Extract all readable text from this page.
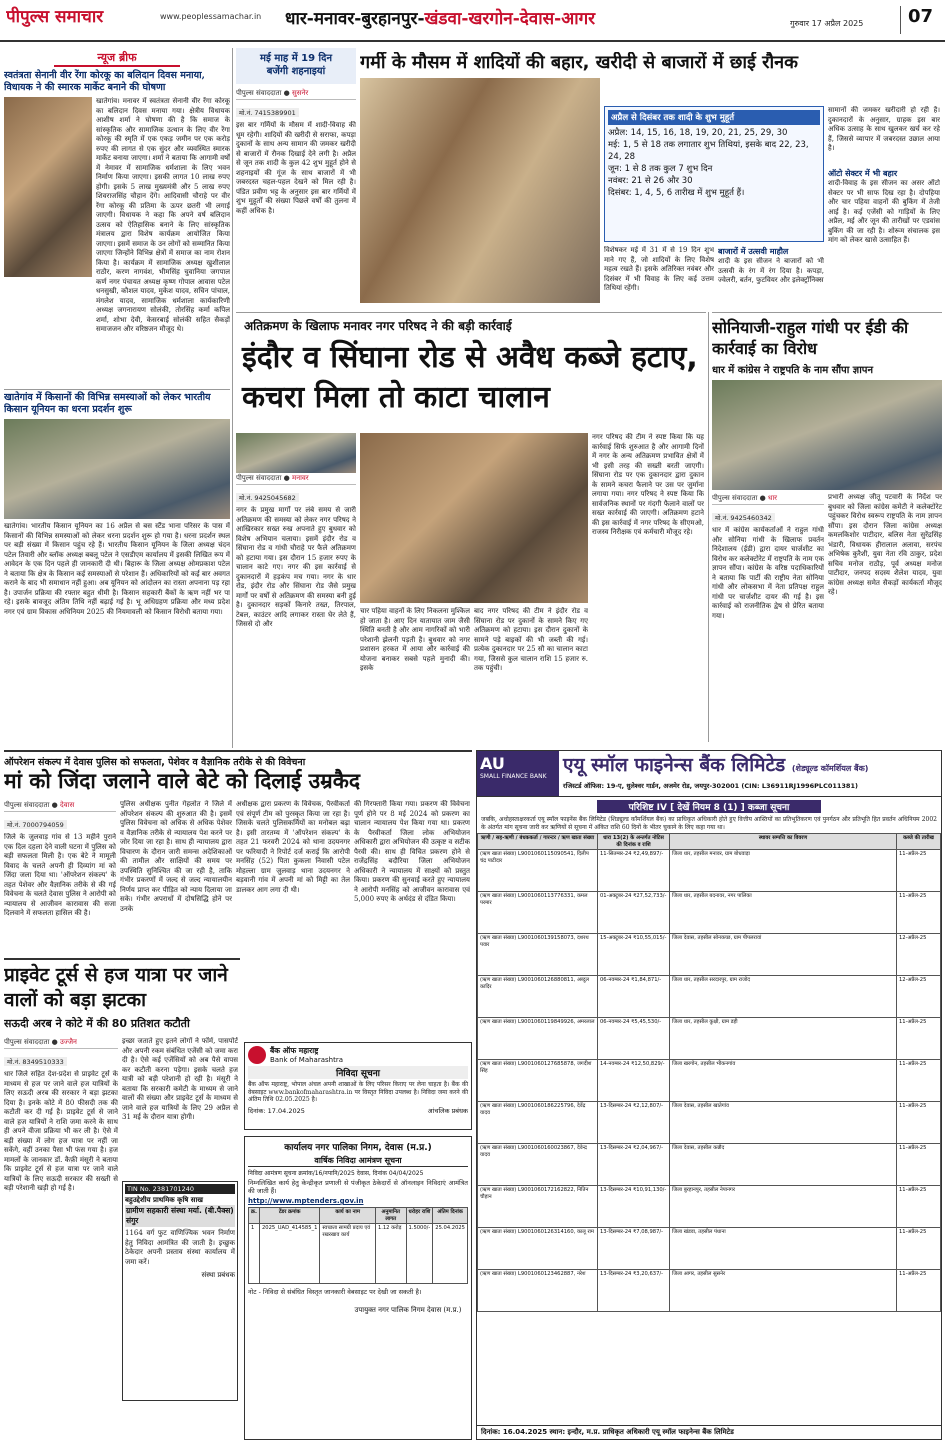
पीपुल्स समाचार	www.peoplessamachar.in	धार-मनावर-बुरहानपुर-खंडवा-खरगोन-देवास-आगर	गुरुवार 17 अप्रैल 2025	07
न्यूज ब्रीफ
स्वतंत्रता सेनानी वीर रेंगा कोरकू का बलिदान दिवस मनाया, विधायक ने की स्मारक मार्केट बनाने की घोषणा
खातेगांव। मनावर में स्वतंत्रता सेनानी वीर रेंगा कोरकू का बलिदान दिवस मनाया गया। क्षेत्रीय विधायक आशीष शर्मा ने घोषणा की है कि समाज के सांस्कृतिक और सामाजिक उत्थान के लिए वीर रेंगा कोरकू की स्मृति में एक एकड़ जमीन पर एक करोड़ रुपए की लागत से एक सुंदर और व्यवस्थित स्मारक मार्केट बनाया जाएगा। शर्मा ने बताया कि आगामी वर्षों में नेमावर में सामाजिक धर्मशाला के लिए भवन निर्माण किया जाएगा। इसकी लागत 10 लाख रुपए होगी। इसके 5 लाख मुख्यमंत्री और 5 लाख रुपए शिवराजसिंह चौहान देंगे। आदिवासी चौराहे पर वीर रेंगा कोरकू की प्रतिमा के ऊपर छतरी भी लगाई जाएगी। विधायक ने कहा कि अपने वर्ष बलिदान उत्सव को ऐतिहासिक बनाने के लिए सांस्कृतिक मंत्रालय द्वारा विशेष कार्यक्रम आयोजित किया जाएगा। इसमें समाज के उन लोगों को सम्मानित किया जाएगा जिन्होंने विभिन्न क्षेत्रों में समाज का नाम रोशन किया है। कार्यक्रम में सामाजिक अध्यक्ष खुशीलाल राठौर, करण नागवंश, भीमसिंह चुवानिया जगपाल कर्ण नगर पंचायत अध्यक्ष कृष्ण गोपाल आवास पटेल धनसुखी, कौशल यादव, मुकेश यादव, सचिन पांचाल, मंगलेश यादव, सामाजिक धर्मशाला कार्यकारिणी अध्यक्ष जगनारायण सोलंकी, तोरसिंह कर्मा कपिल शर्मा, शोभा देवी, केसरबाई सोलंकी सहित सैकड़ों समाजजन और वरिष्ठजन मौजूद थे।
खातेगांव में किसानों की विभिन्न समस्याओं को लेकर भारतीय किसान यूनियन का धरना प्रदर्शन शुरू
खातेगांव। भारतीय किसान यूनियन का 16 अप्रैल से बस स्टैंड भाना परिसर के पास में किसानों की विभिन्न समस्याओं को लेकर धरना प्रदर्शन शुरू हो गया है। धरना प्रदर्शन स्थल पर बड़ी संख्या में किसान पहुंच रहे हैं। भारतीय किसान यूनियन के जिला अध्यक्ष चंदन पटेल तिवारी और ब्लॉक अध्यक्ष बबलू पटेल ने एसडीएम कार्यालय में इसकी लिखित रूप में आवेदन के एक दिन पहले ही जानकारी दी थी। बिहारू के जिला अध्यक्ष ओमप्रकाश पटेल ने बताया कि क्षेत्र के किसान कई समस्याओं से परेशान हैं। अधिकारियों को कई बार अवगत कराने के बाद भी समाधान नहीं हुआ। अब यूनियन को आंदोलन का रास्ता अपनाना पड़ रहा है। उपार्जन प्रक्रिया की रफ्तार बहुत धीमी है। किसान सहकारी बैंकों के ऋण नहीं भर पा रहे। इसके बावजूद अंतिम तिथि नहीं बढ़ाई गई है। भू अधिग्रहण प्रक्रिया और मध्य प्रदेश नगर एवं ग्राम विकास अधिनियम 2025 की नियमावली को किसान विरोधी बताया गया।
मई माह में 19 दिन
बजेंगी शहनाइयां	गर्मी के मौसम में शादियों की बहार, खरीदी से बाजारों में छाई रौनक
पीपुल्स संवाददाता ● सुसनेर
मो.नं. 7415389901
इस बार गर्मियों के मौसम में शादी-विवाह की धूम रहेगी। शादियों की खरीदी से सराफा, कपड़ा दुकानों के साथ अन्य सामान की जमकर खरीदी से बाजारों में रौनक दिखाई देने लगी है। अप्रैल से जून तक शादी के कुल 42 शुभ मुहूर्त होने से शहनाइयों की गूंज के साथ बाजारों में भी जबरदस्त चहल-पहल देखने को मिल रही है। पंडित प्रवीण भट्ट के अनुसार इस बार गर्मियों में शुभ मुहूर्तों की संख्या पिछले वर्षों की तुलना में कहीं अधिक है।
अप्रैल से दिसंबर तक शादी के शुभ मुहूर्त
अप्रैल: 14, 15, 16, 18, 19, 20, 21, 25, 29, 30
मई: 1, 5 से 18 तक लगातार शुभ तिथियां, इसके बाद 22, 23, 24, 28
जून: 1 से 8 तक कुल 7 शुभ दिन
नवंबर: 21 से 26 और 30
दिसंबर: 1, 4, 5, 6 तारीख में शुभ मुहूर्त हैं।
विशेषकर मई में 31 में से 19 दिन शुभ माने गए हैं, जो शादियों के लिए विशेष महत्व रखते हैं। इसके अतिरिक्त नवंबर और दिसंबर में भी विवाह के लिए कई उत्तम तिथियां रहेंगी।
बाजारों में उत्सवी माहौल
शादी के इस सीजन ने बाजारों को भी उत्सवी के रंग में रंग दिया है। कपड़ा, ज्वेलरी, बर्तन, फुटवियर और इलेक्ट्रॉनिक्स
सामानों की जमकर खरीदारी हो रही है। दुकानदारों के अनुसार, ग्राहक इस बार अधिक उत्साह के साथ खुलकर खर्च कर रहे हैं, जिससे व्यापार में जबरदस्त उछाल आया है।
ऑटो सेक्टर में भी बहार
शादी-विवाह के इस सीजन का असर ऑटो सेक्टर पर भी साफ दिख रहा है। दोपहिया और चार पहिया वाहनों की बुकिंग में तेजी आई है। कई एजेंसी को गाड़ियों के लिए अप्रैल, मई और जून की तारीखों पर एडवांस बुकिंग की जा रही है। शोरूम संचालक इस मांग को लेकर खासे उत्साहित हैं।
अतिक्रमण के खिलाफ मनावर नगर परिषद ने की बड़ी कार्रवाई
इंदौर व सिंघाना रोड से अवैध कब्जे हटाए, कचरा मिला तो काटा चालान
पीपुल्स संवाददाता ● मनावर
मो.नं. 9425045682
नगर के प्रमुख मार्गों पर लंबे समय से जारी अतिक्रमण की समस्या को लेकर नगर परिषद ने आखिरकार सख्त रुख अपनाते हुए बुधवार को विशेष अभियान चलाया। इसमें इंदौर रोड व सिंघाना रोड व गांधी चौराहे पर फैले अतिक्रमण को हटाया गया। इस दौरान 15 हजार रुपए के चालान काटे गए। नगर की इस कार्रवाई से दुकानदारों में हड़कंप मच गया। नगर के धार रोड, इंदौर रोड और सिंघाना रोड जैसे प्रमुख मार्गों पर वर्षों से अतिक्रमण की समस्या बनी हुई है। दुकानदार सड़कों किनारे तख्त, तिरपाल, टेबल, काउंटर आदि लगाकर रास्ता घेर लेते हैं, जिससे दो और
चार पहिया वाहनों के लिए निकलना मुश्किल हो जाता है। आए दिन यातायात जाम जैसी स्थिति बनती है और आम नागरिकों को भारी परेशानी झेलनी पड़ती है। बुधवार को नगर प्रशासन हरकत में आया और कार्रवाई की योजना बनाकर सबसे पहले मुनादी की। इसके
बाद नगर परिषद की टीम ने इंदौर रोड व सिंघाना रोड पर दुकानों के सामने किए गए अतिक्रमण को हटाया। इस दौरान दुकानों के सामने पड़े बाइकों की भी जब्ती की गई। प्रत्येक दुकानदार पर 25 सौ का चालान काटा गया, जिससे कुल चालान राशि 15 हजार रु. तक पहुंची।
नगर परिषद की टीम ने स्पष्ट किया कि यह कार्रवाई सिर्फ शुरुआत है और आगामी दिनों में नगर के अन्य अतिक्रमण प्रभावित क्षेत्रों में भी इसी तरह की सख्ती बरती जाएगी। सिंघाना रोड पर एक दुकानदार द्वारा दुकान के सामने कचरा फैलाने पर उस पर जुर्माना लगाया गया। नगर परिषद ने स्पष्ट किया कि सार्वजनिक स्थानों पर गंदगी फैलाने वालों पर सख्त कार्रवाई की जाएगी। अतिक्रमण हटाने की इस कार्रवाई में नगर परिषद के सीएमओ, राजस्व निरीक्षक एवं कर्मचारी मौजूद रहे।
सोनियाजी-राहुल गांधी पर ईडी की कार्रवाई का विरोध
धार में कांग्रेस ने राष्ट्रपति के नाम सौंपा ज्ञापन
पीपुल्स संवाददाता ● धार
मो.नं. 9425460342
धार में कांग्रेस कार्यकर्ताओं ने राहुल गांधी और सोनिया गांधी के खिलाफ प्रवर्तन निदेशालय (ईडी) द्वारा दायर चार्जशीट का विरोध कर कलेक्टोरेट में राष्ट्रपति के नाम एक ज्ञापन सौंपा। कांग्रेस के वरिष्ठ पदाधिकारियों ने बताया कि पार्टी की राष्ट्रीय नेता सोनिया गांधी और लोकसभा में नेता प्रतिपक्ष राहुल गांधी पर चार्जशीट दायर की गई है। इस कार्रवाई को राजनीतिक द्वेष से प्रेरित बताया गया।
प्रभारी अध्यक्ष जीतू पटवारी के निर्देश पर बुधवार को जिला कांग्रेस कमेटी ने कलेक्टोरेट पहुंचकर विरोध स्वरूप राष्ट्रपति के नाम ज्ञापन सौंपा। इस दौरान जिला कांग्रेस अध्यक्ष कमलकिशोर पाटीदार, बलिस नेता सुरेंद्रसिंह भंडारी, विधायक हीरालाल अलावा, सरपंच अभिषेक कुरैशी, युवा नेता रवि ठाकुर, प्रदेश सचिव मनोज राठौड़, पूर्व अध्यक्ष मनोज पाटीदार, जनपद सदस्य शैलेश यादव, युवा कांग्रेस अध्यक्ष समेत सैकड़ों कार्यकर्ता मौजूद रहे।
ऑपरेशन संकल्प में देवास पुलिस को सफलता, पेशेवर व वैज्ञानिक तरीके से की विवेचना
मां को जिंदा जलाने वाले बेटे को दिलाई उम्रकैद
पीपुल्स संवाददाता ● देवास
मो.नं. 7000794059
जिले के जुलवाड़ गांव से 13 महीने पुराने एक दिल दहला देने वाली घटना में पुलिस को बड़ी सफलता मिली है। एक बेटे ने मामूली विवाद के चलते अपनी ही दिव्यांग मां को जिंदा जला दिया था। 'ऑपरेशन संकल्प' के तहत पेशेवर और वैज्ञानिक तरीके से की गई विवेचना के चलते देवास पुलिस ने आरोपी को न्यायालय से आजीवन कारावास की सजा दिलवाने में सफलता हासिल की है।
पुलिस अधीक्षक पुनीत गेहलोत ने जिले में ऑपरेशन संकल्प की शुरुआत की है। इसमें पुलिस विवेचना को अधिक से अधिक पेशेवर व वैज्ञानिक तरीके से न्यायालय पेश करने पर जोर दिया जा रहा है। साथ ही न्यायालय द्वारा विचारण के दौरान जारी समन्स अदेशिकाओं की तामील और साक्षियों की समय पर उपस्थिति सुनिश्चित की जा रही है, ताकि गंभीर प्रकरणों में जल्द से जल्द न्यायालयीन निर्णय प्राप्त कर पीड़ित को न्याय दिलाया जा सके। गंभीर अपराधों में दोषसिद्धि होने पर उनके
अधीक्षक द्वारा प्रकरण के विवेचक, पैरवीकर्ता एवं संपूर्ण टीम को पुरस्कृत किया जा रहा है। जिसके चलते पुलिसकर्मियों का मनोबल बढ़ा है। इसी तारतम्य में 'ऑपरेशन संकल्प' के तहत 21 फरवरी 2024 को थाना उदयनगर पर फरियादी ने रिपोर्ट दर्ज कराई कि आरोपी मनसिंह (52) पिता कुकला निवासी पटेल मोहल्ला ग्राम जुलवाड़ थाना उदयनगर ने बड़वानी गांव में अपनी मां को मिट्टी का तेल डालकर आग लगा दी थी।
की गिरफ्तारी किया गया। प्रकरण की विवेचना पूर्ण होने पर 8 मई 2024 को प्रकरण का चालान न्यायालय पेश किया गया था। प्रकरण के पैरवीकर्ता जिला लोक अभियोजन अधिकारी द्वारा अभियोजन की उत्कृष्ट व सटीक पैरवी की। साथ ही विचित प्रकरण होने से राजेंद्रसिंह बदौरिया जिला अभियोजन अधिकारी ने न्यायालय में साक्ष्यों को प्रस्तुत किया। प्रकरण की सुनवाई करते हुए न्यायालय ने आरोपी मनसिंह को आजीवन कारावास एवं 5,000 रुपए के अर्थदंड से दंडित किया।
प्राइवेट टूर्स से हज यात्रा पर जाने वालों को बड़ा झटका
सऊदी अरब ने कोटे में की 80 प्रतिशत कटौती
पीपुल्स संवाददाता ● उज्जैन
मो.नं. 8349510333
धार जिले सहित देश-प्रदेश से प्राइवेट टूर्स के माध्यम से हज पर जाने वाले हज यात्रियों के लिए सऊदी अरब की सरकार ने बड़ा झटका दिया है। इनके कोटे में 80 फीसदी तक की कटौती कर दी गई है। प्राइवेट टूर्स से जाने वाले हज यात्रियों ने राशि जमा करने के साथ ही अपने वीजा प्रक्रिया भी कर ली है। ऐसे में बड़ी संख्या में लोग हज यात्रा पर नहीं जा सकेंगे, वहीं उनका पैसा भी फंस गया है। हज मामलों के जानकार डॉ. कैफ़ी मंसूरी ने बताया कि प्राइवेट टूर्स से हज यात्रा पर जाने वाले यात्रियों के लिए सऊदी सरकार की सख्ती से बड़ी परेशानी खड़ी हो गई है।
इच्छा जताते हुए इतने लोगों ने फॉर्म, पासपोर्ट और अपनी रकम संबंधित एजेंसी को जमा करा दी है। ऐसे कई एजेंसियों को अब पैसे वापस कर कटौती करना पड़ेगा। इसके चलते हज यात्री को बड़ी परेशानी हो रही है। मंसूरी ने बताया कि सरकारी कमेटी के माध्यम से जाने वालों की संख्या और प्राइवेट टूर्स के माध्यम से जाने वाले हज यात्रियों के लिए 29 अप्रैल से 31 मई के दौरान यात्रा होगी।
TIN No. 2381701240
बहुउद्देशीय प्राथमिक कृषि साख
ग्रामीण सहकारी संस्था मर्या. (बी.पैक्स) संगुर
1164 वर्ग फुट वाणिज्यिक भवन निर्माण हेतु निविदा आमंत्रित की जाती है। इच्छुक ठेकेदार अपनी प्रस्ताव संस्था कार्यालय में जमा करें।
संस्था प्रबंधक
बैंक ऑफ महाराष्ट्र
Bank of Maharashtra
निविदा सूचना
बैंक ऑफ महाराष्ट्र, भोपाल अंचल अपनी शाखाओं के लिए परिसर किराए पर लेना चाहता है। बैंक की वेबसाइट www.bankofmaharashtra.in पर विस्तृत निविदा उपलब्ध है। निविदा जमा करने की अंतिम तिथि 02.05.2025 है।
दिनांक: 17.04.2025	आंचलिक प्रबंधक
कार्यालय नगर पालिका निगम, देवास (म.प्र.)
वार्षिक निविदा आमंत्रण सूचना
निविदा आमंत्रण सूचना क्रमांक/16/नपानि/2025 देवास, दिनांक 04/04/2025
निम्नलिखित कार्य हेतु केन्द्रीकृत प्रणाली से पंजीकृत ठेकेदारों से ऑनलाइन निविदाएं आमंत्रित की जाती हैं।
http://www.mptenders.gov.in
क्र.	टेंडर क्रमांक	कार्य का नाम	अनुमानित लागत	धरोहर राशि	अंतिम दिनांक
1	2025_UAD_414585_1	स्वच्छता सामग्री प्रदाय एवं रखरखाव कार्य	1.12 करोड़	1.5000/-	25.04.2025
नोट - निविदा से संबंधित विस्तृत जानकारी वेबसाइट पर देखी जा सकती है।
उपायुक्त नगर पालिक निगम देवास (म.प्र.)
AU
SMALL FINANCE BANK
एयू स्मॉल फाइनेन्स बैंक लिमिटेड (शेड्यूल्ड कॉमर्शियल बैंक)
रजिस्टर्ड ऑफिस: 19-ए, धुलेश्वर गार्डन, अजमेर रोड, जयपुर-302001 (CIN: L36911RJ1996PLC011381)
परिशिष्ट IV [ देखें नियम 8 (1) ] कब्जा सूचना
जबकि, अधोहस्ताक्षरकर्ता एयू स्मॉल फाइनेंस बैंक लिमिटेड (शिड्यूल्ड कॉमर्शियल बैंक) का प्राधिकृत अधिकारी होते हुए वित्तीय आस्तियों का प्रतिभूतिकरण एवं पुनर्गठन और प्रतिभूति हित प्रवर्तन अधिनियम 2002 के अंतर्गत मांग सूचना जारी कर ऋणियों से सूचना में अंकित राशि 60 दिनों के भीतर चुकाने के लिए कहा गया था।
ऋणी / सह-ऋणी / बंधककर्ता / गारन्टर / ऋण खाता संख्या	धारा 13(2) के अन्तर्गत नोटिस की दिनांक व राशि	स्थावर सम्पत्ति का विवरण	कब्जे की तारीख
(ऋण खाता संख्या) L9001060115090541, दिलीप चंद्र पाटीदार	11-सितम्बर-24 ₹2,49,897/-	जिला धार, तहसील मनावर, ग्राम बोधवाड़ा	11-अप्रैल-25
(ऋण खाता संख्या) L9001060113776331, कमल परमार	01-अक्टूबर-24 ₹27,52,733/-	जिला धार, तहसील बदनावर, नगर पालिका	11-अप्रैल-25
(ऋण खाता संख्या) L9001060139158073, दशरथ पवार	15-अक्टूबर-24 ₹10,55,015/-	जिला देवास, तहसील सोनकच्छ, ग्राम पीपलरावां	12-अप्रैल-25
(ऋण खाता संख्या) L9001060126880811, अब्दुल कादिर	06-नवम्बर-24 ₹1,84,871/-	जिला धार, तहसील सरदारपुर, ग्राम राजोद	12-अप्रैल-25
(ऋण खाता संख्या) L9001060119849926, अमरलाल	06-नवम्बर-24 ₹5,45,530/-	जिला धार, तहसील कुक्षी, ग्राम डही	11-अप्रैल-25
(ऋण खाता संख्या) L9001060127685878, जगदीश सिंह	14-नवम्बर-24 ₹12,50,829/-	जिला खरगोन, तहसील भीकनगांव	11-अप्रैल-25
(ऋण खाता संख्या) L9001060186225796, देवेंद्र यादव	13-दिसम्बर-24 ₹2,12,807/-	जिला देवास, तहसील खातेगांव	11-अप्रैल-25
(ऋण खाता संख्या) L9001060160023867, देवेन्द्र यादव	13-दिसम्बर-24 ₹2,04,967/-	जिला देवास, तहसील कन्नौद	11-अप्रैल-25
(ऋण खाता संख्या) L9001060172162822, नितिन चौहान	13-दिसम्बर-24 ₹10,91,130/-	जिला बुरहानपुर, तहसील नेपानगर	11-अप्रैल-25
(ऋण खाता संख्या) L9001060126314160, कालू राम	13-दिसम्बर-24 ₹7,08,987/-	जिला खंडवा, तहसील पंधाना	11-अप्रैल-25
(ऋण खाता संख्या) L9001060123462887, नरेश	13-दिसम्बर-24 ₹3,20,637/-	जिला आगर, तहसील सुसनेर	11-अप्रैल-25
दिनांक: 16.04.2025 स्थान: इन्दौर, म.प्र. प्राधिकृत अधिकारी एयू स्मॉल फाइनेन्स बैंक लिमिटेड
